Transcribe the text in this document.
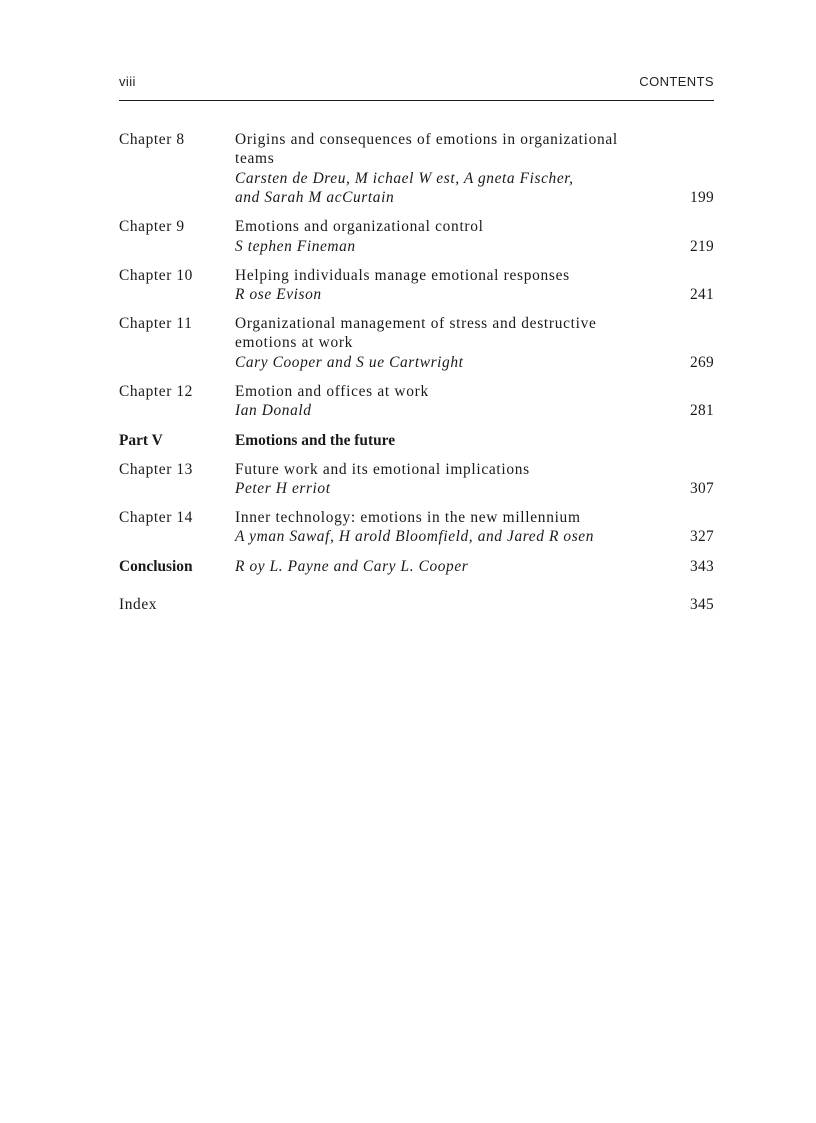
viii	CONTENTS
Chapter 8	Origins and consequences of emotions in organizational
teams
Carsten de Dreu, M ichael W est, A gneta Fischer,
and Sarah M acCurtain	199
Chapter 9	Emotions and organizational control
S tephen Fineman	219
Chapter 10	Helping individuals manage emotional responses
R ose Evison	241
Chapter 11	Organizational management of stress and destructive
emotions at work
Cary Cooper and S ue Cartwright	269
Chapter 12	Emotion and offices at work
Ian Donald	281
Part V	Emotions and the future
Chapter 13	Future work and its emotional implications
Peter H erriot	307
Chapter 14	Inner technology: emotions in the new millennium
A yman Sawaf, H arold Bloomfield, and Jared R osen	327
Conclusion	R oy L. Payne and Cary L. Cooper	343
Index	345
